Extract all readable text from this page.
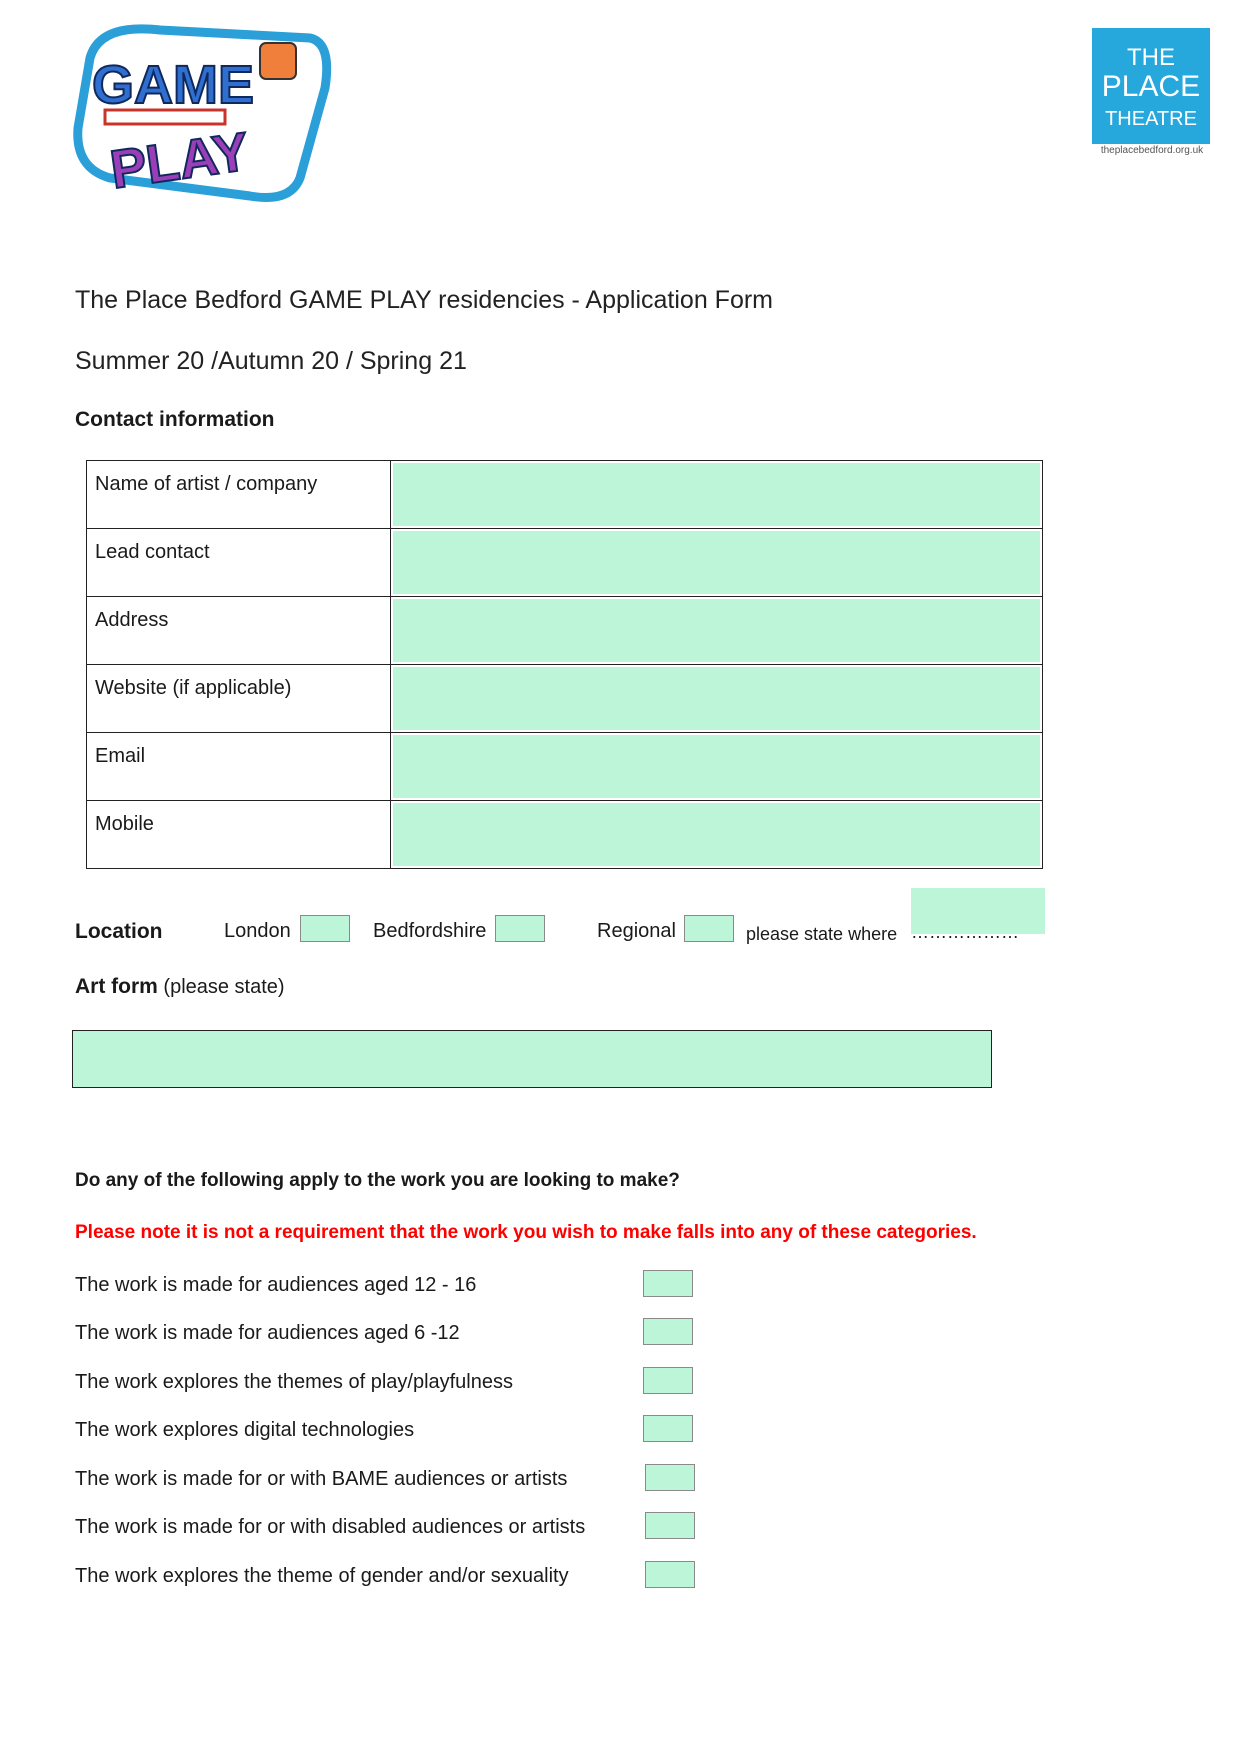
GAME
PLAY
THE
PLACE
THEATRE
theplacebedford.org.uk
The Place Bedford GAME PLAY residencies - Application Form
Summer 20 /Autumn 20 / Spring 21
Contact information
Name of artist / company	

Lead contact	

Address	

Website (if applicable)	

Email	

Mobile	
Location	London	Bedfordshire	Regional	please state where ………………
Art form (please state)
Do any of the following apply to the work you are looking to make?
Please note it is not a requirement that the work you wish to make falls into any of these categories.
The work is made for audiences aged 12 - 16
The work is made for audiences aged 6 -12
The work explores the themes of play/playfulness
The work explores digital technologies
The work is made for or with BAME audiences or artists
The work is made for or with disabled audiences or artists
The work explores the theme of gender and/or sexuality
